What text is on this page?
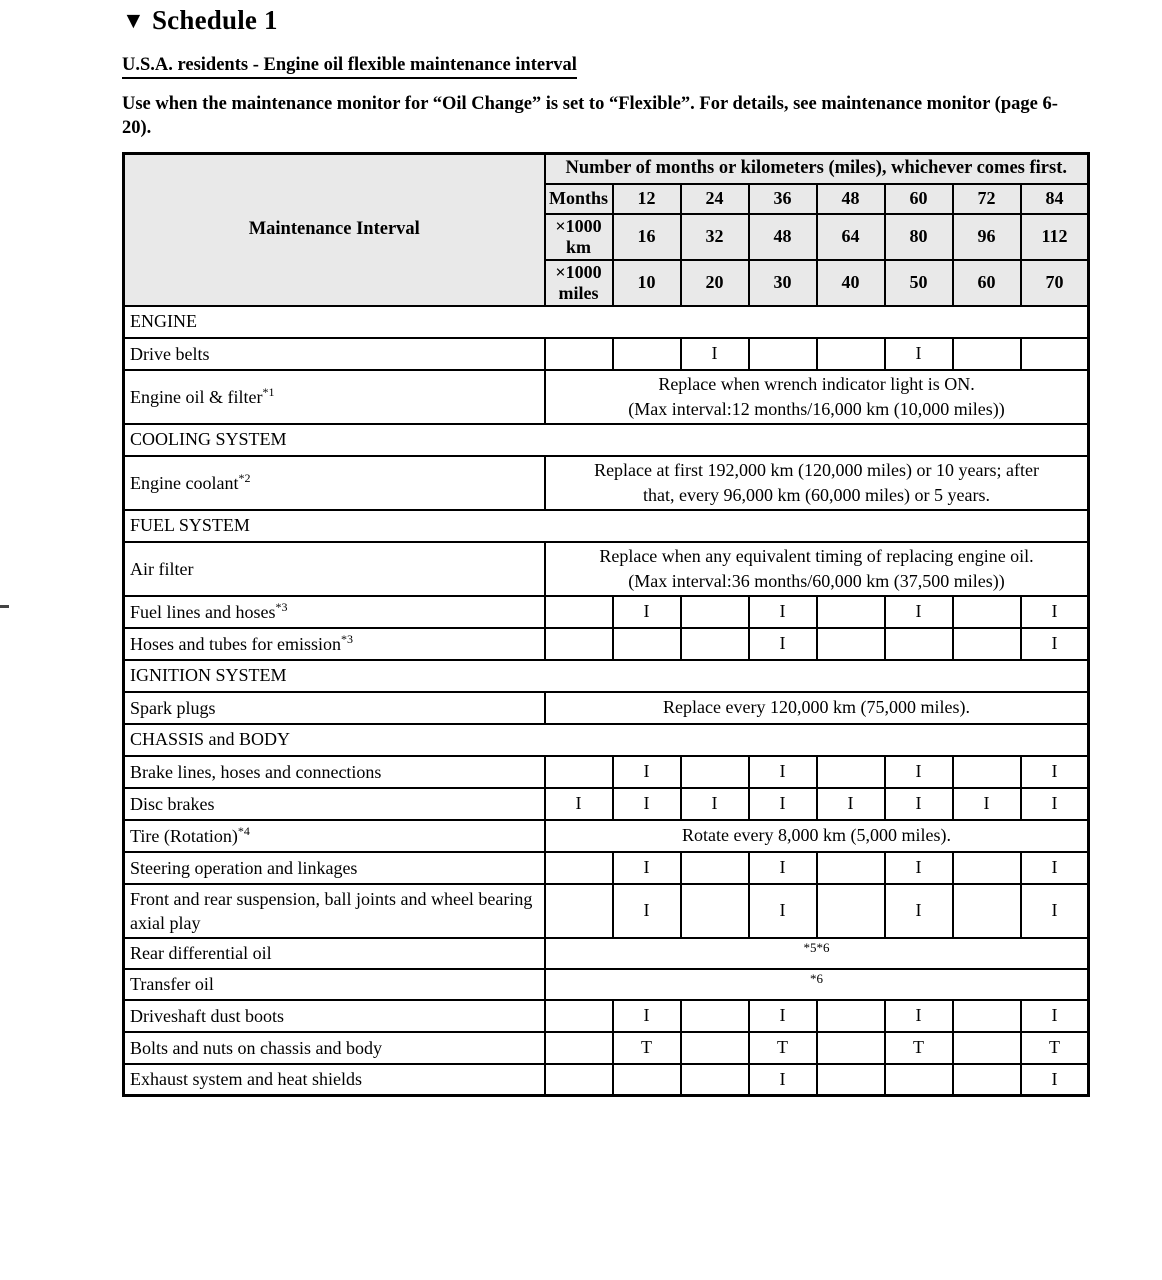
▼ Schedule 1
U.S.A. residents - Engine oil flexible maintenance interval
Use when the maintenance monitor for “Oil Change” is set to “Flexible”. For details, see maintenance monitor (page 6-20).
Maintenance Interval	Number of months or kilometers (miles), whichever comes first.								
	Months	12	24	36	48	60	72	84	
	×1000 km	16	32	48	64	80	96	112	
	×1000 miles	10	20	30	40	50	60	70	
ENGINE									
Drive belts			I			I			
Engine oil & filter$^{*1}$	Replace when wrench indicator light is ON.
(Max interval:12 months/16,000 km (10,000 miles))								

COOLING SYSTEM									
Engine coolant$^{*2}$	Replace at first 192,000 km (120,000 miles) or 10 years; after
that, every 96,000 km (60,000 miles) or 5 years.								

FUEL SYSTEM									
Air filter	Replace when any equivalent timing of replacing engine oil.
(Max interval:36 months/60,000 km (37,500 miles))								

Fuel lines and hoses$^{*3}$		I		I		I		I	
Hoses and tubes for emission$^{*3}$				I				I	
IGNITION SYSTEM									
Spark plugs	Replace every 120,000 km (75,000 miles).								

CHASSIS and BODY									
Brake lines, hoses and connections		I		I		I		I	
Disc brakes	I	I	I	I	I	I	I	I	
Tire (Rotation)$^{*4}$	Rotate every 8,000 km (5,000 miles).								

Steering operation and linkages		I		I		I		I	
Front and rear suspension, ball joints and wheel bearing axial play		I		I		I		I	
Rear differential oil	*5*6								
Transfer oil	*6								
Driveshaft dust boots		I		I		I		I	
Bolts and nuts on chassis and body		T		T		T		T	
Exhaust system and heat shields				I				I	
